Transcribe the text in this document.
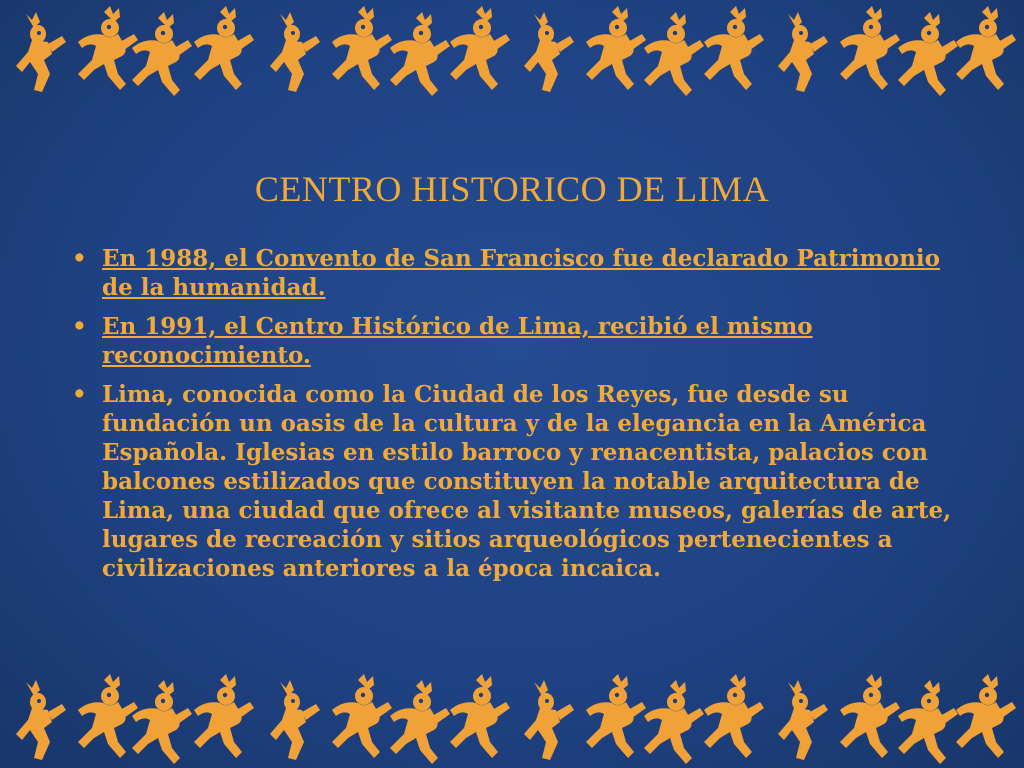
CENTRO HISTORICO DE LIMA
• En 1988, el Convento de San Francisco fue declarado Patrimonio de la humanidad.
• En 1991, el Centro Histórico de Lima, recibió el mismo reconocimiento.
• Lima, conocida como la Ciudad de los Reyes, fue desde su fundación un oasis de la cultura y de la elegancia en la América Española. Iglesias en estilo barroco y renacentista, palacios con balcones estilizados que constituyen la notable arquitectura de Lima, una ciudad que ofrece al visitante museos, galerías de arte, lugares de recreación y sitios arqueológicos pertenecientes a civilizaciones anteriores a la época incaica.
